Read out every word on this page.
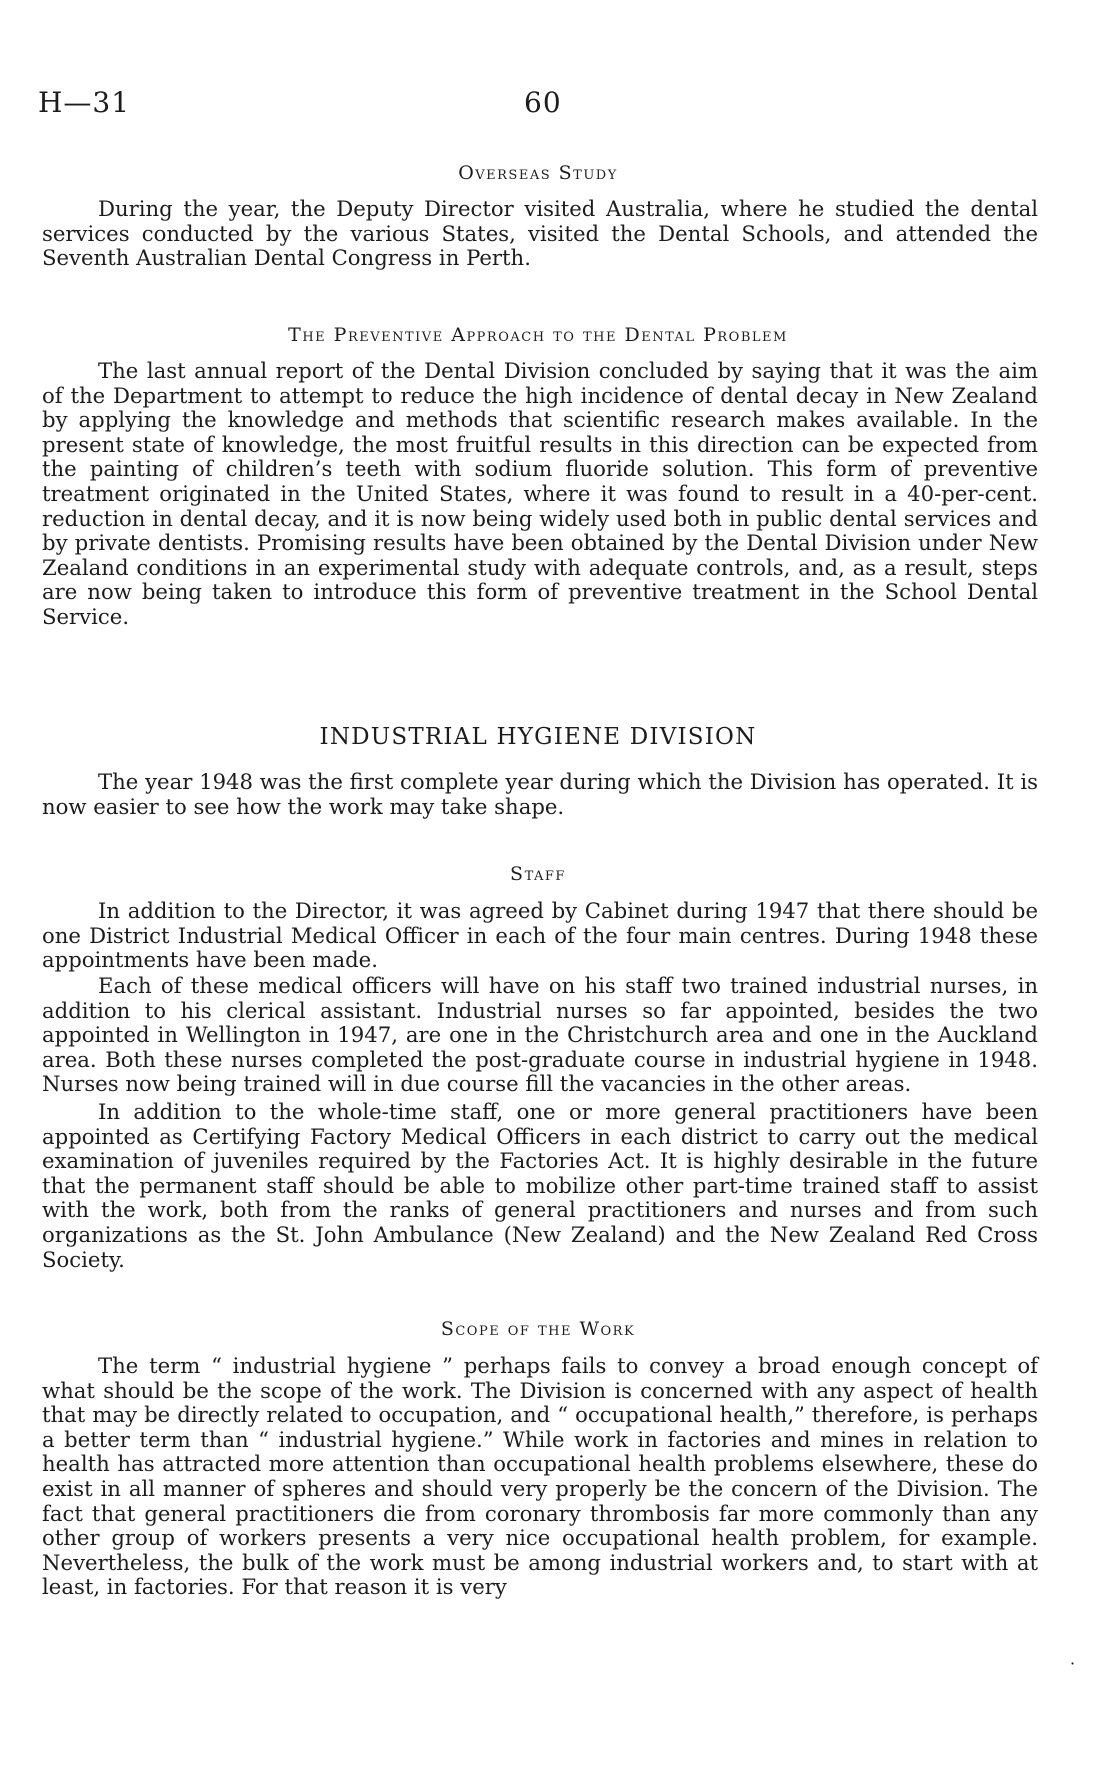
H—31	60
Overseas Study

During the year, the Deputy Director visited Australia, where he studied the dental services conducted by the various States, visited the Dental Schools, and attended the Seventh Australian Dental Congress in Perth.

The Preventive Approach to the Dental Problem

The last annual report of the Dental Division concluded by saying that it was the aim of the Department to attempt to reduce the high incidence of dental decay in New Zealand by applying the knowledge and methods that scientific research makes available. In the present state of knowledge, the most fruitful results in this direction can be expected from the painting of children’s teeth with sodium fluoride solution. This form of preventive treatment originated in the United States, where it was found to result in a 40-per-cent. reduction in dental decay, and it is now being widely used both in public dental services and by private dentists. Promising results have been obtained by the Dental Division under New Zealand conditions in an experimental study with adequate controls, and, as a result, steps are now being taken to introduce this form of preventive treatment in the School Dental Service.

INDUSTRIAL HYGIENE DIVISION

The year 1948 was the first complete year during which the Division has operated. It is now easier to see how the work may take shape.

Staff

In addition to the Director, it was agreed by Cabinet during 1947 that there should be one District Industrial Medical Officer in each of the four main centres. During 1948 these appointments have been made.

Each of these medical officers will have on his staff two trained industrial nurses, in addition to his clerical assistant. Industrial nurses so far appointed, besides the two appointed in Wellington in 1947, are one in the Christchurch area and one in the Auckland area. Both these nurses completed the post-graduate course in industrial hygiene in 1948. Nurses now being trained will in due course fill the vacancies in the other areas.

In addition to the whole-time staff, one or more general practitioners have been appointed as Certifying Factory Medical Officers in each district to carry out the medical examination of juveniles required by the Factories Act. It is highly desirable in the future that the permanent staff should be able to mobilize other part-time trained staff to assist with the work, both from the ranks of general practitioners and nurses and from such organizations as the St. John Ambulance (New Zealand) and the New Zealand Red Cross Society.

Scope of the Work

The term “ industrial hygiene ” perhaps fails to convey a broad enough concept of what should be the scope of the work. The Division is concerned with any aspect of health that may be directly related to occupation, and “ occupational health,” therefore, is perhaps a better term than “ industrial hygiene.” While work in factories and mines in relation to health has attracted more attention than occupational health problems elsewhere, these do exist in all manner of spheres and should very properly be the concern of the Division. The fact that general practitioners die from coronary thrombosis far more commonly than any other group of workers presents a very nice occupational health problem, for example. Nevertheless, the bulk of the work must be among industrial workers and, to start with at least, in factories. For that reason it is very

·
